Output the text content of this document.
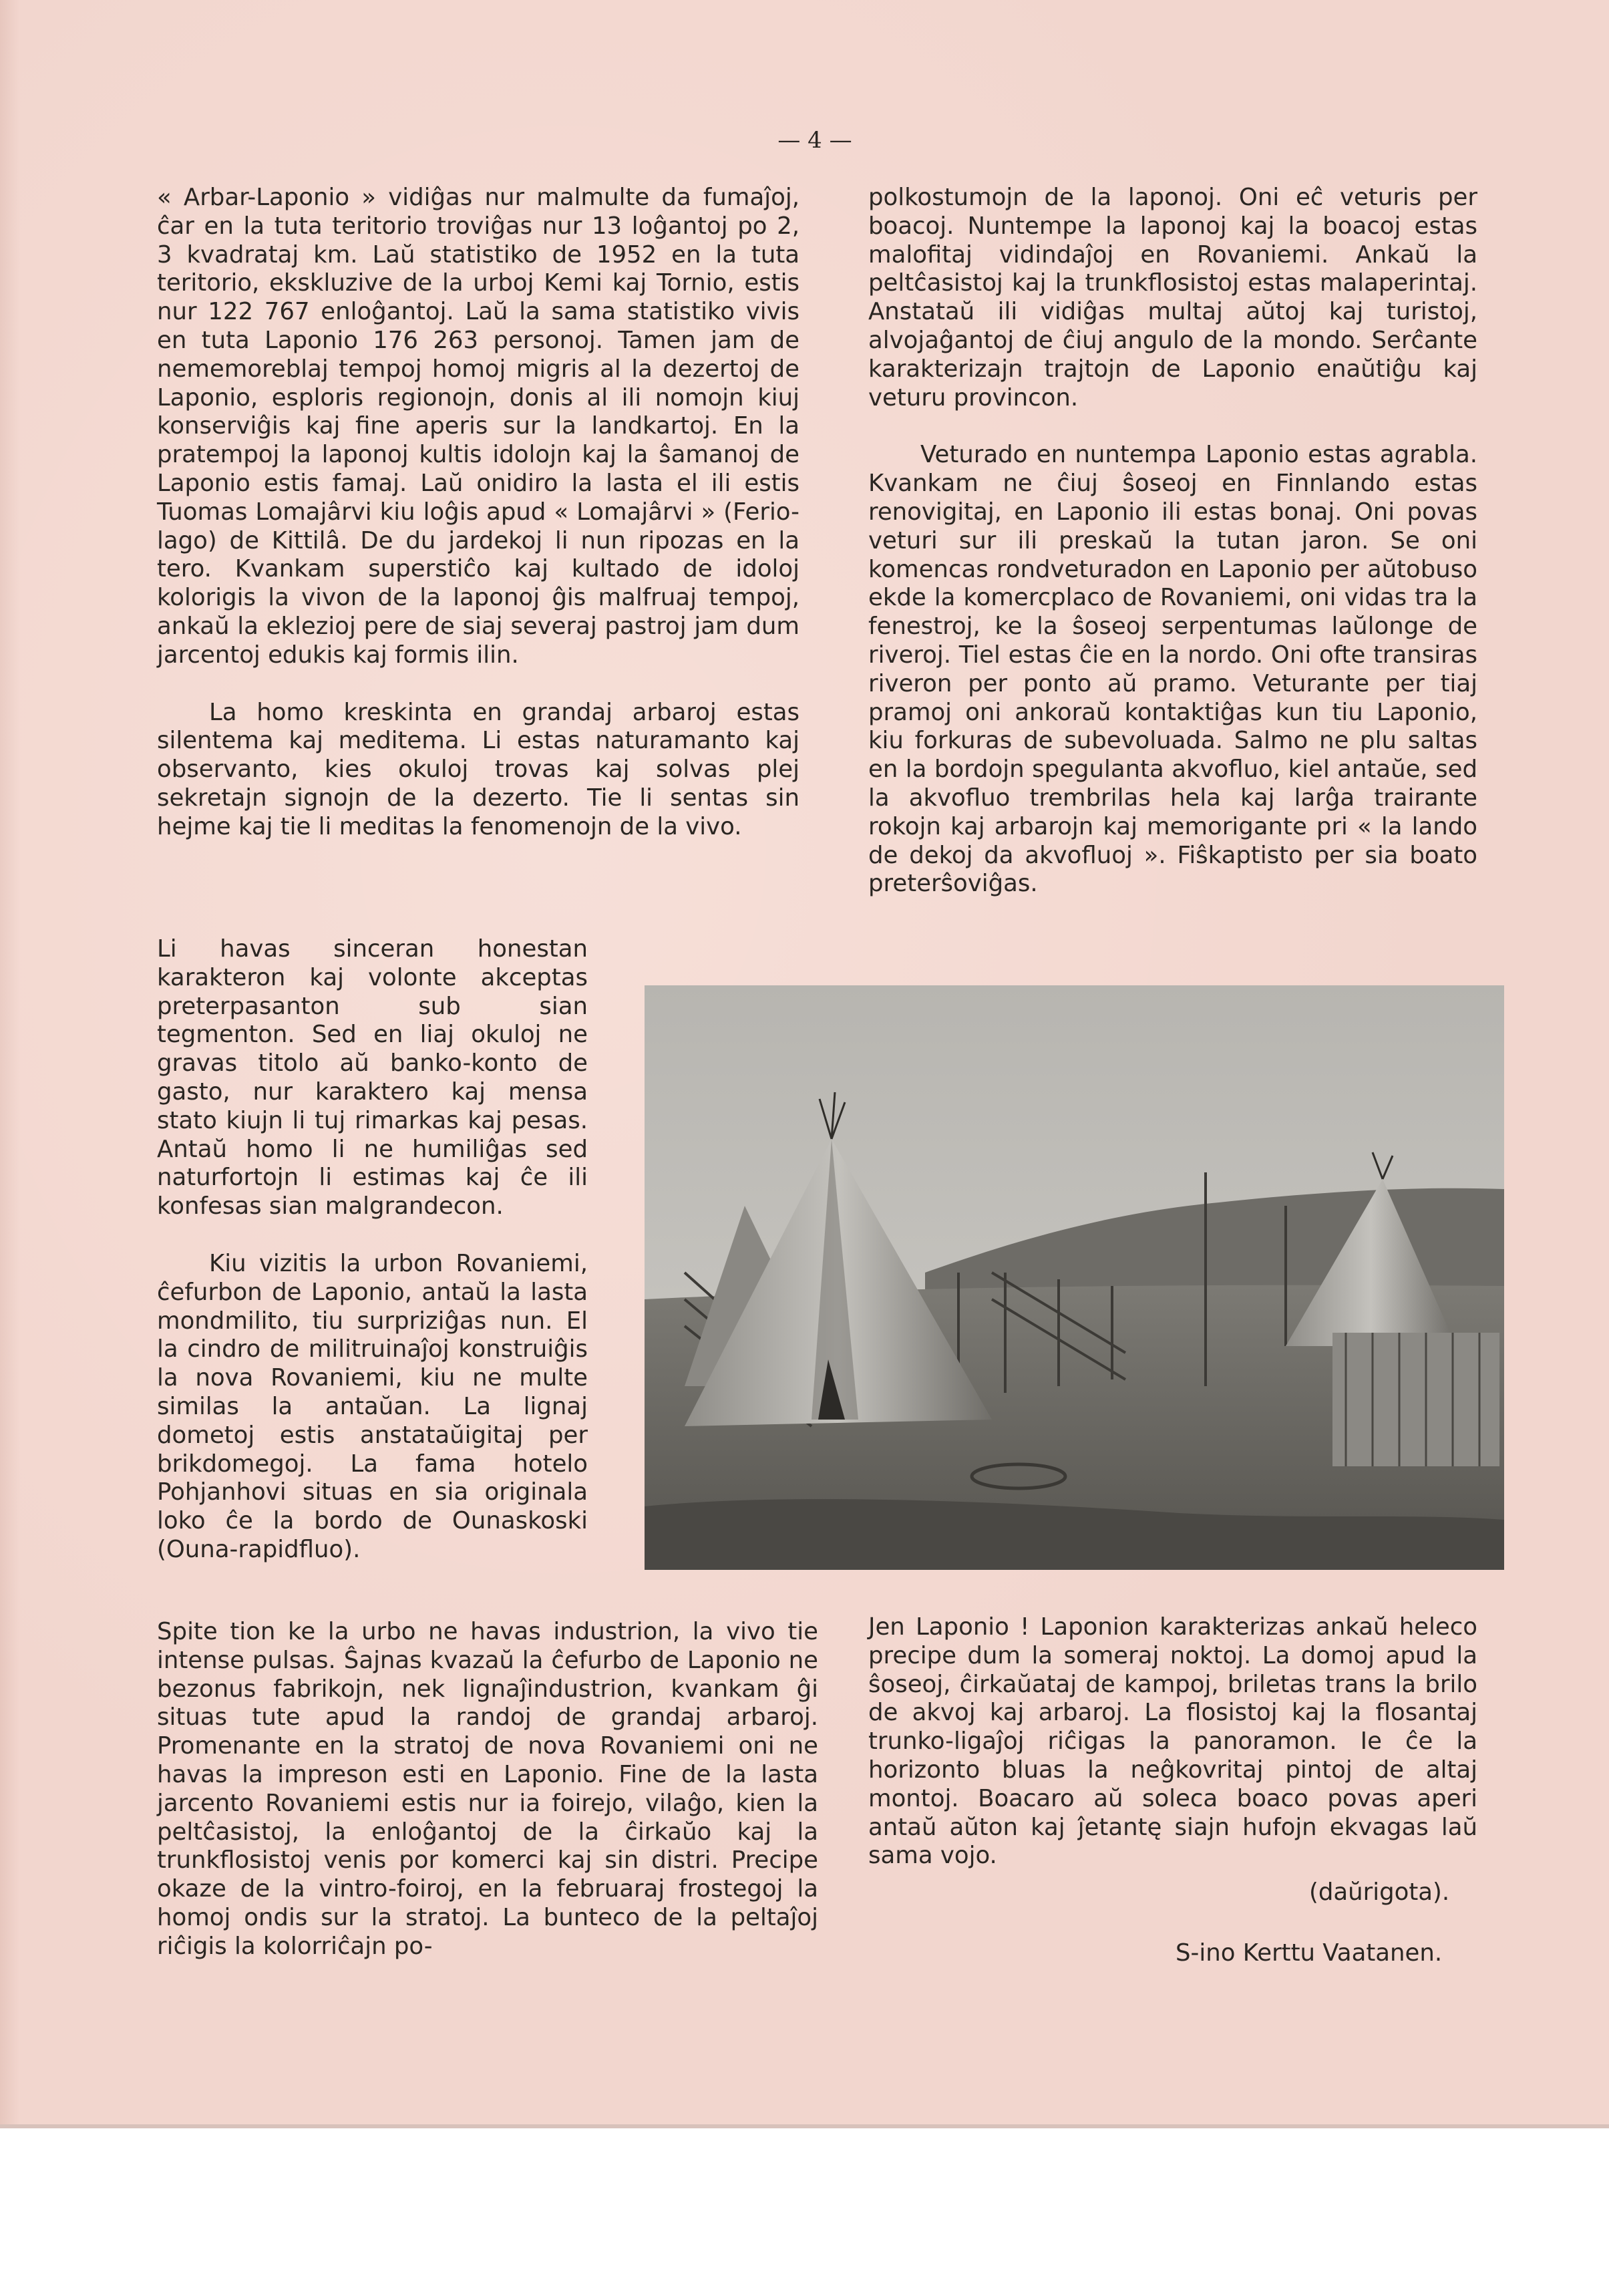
— 4 —

« Arbar-Laponio » vidiĝas nur malmulte da fumaĵoj, ĉar en la tuta teritorio troviĝas nur 13 loĝantoj po 2, 3 kvadrataj km. Laŭ statistiko de 1952 en la tuta teritorio, ekskluzive de la urboj Kemi kaj Tornio, estis nur 122 767 enloĝantoj. Laŭ la sama statistiko vivis en tuta Laponio 176 263 personoj. Tamen jam de nememoreblaj tempoj homoj migris al la dezertoj de Laponio, esploris regionojn, donis al ili nomojn kiuj konserviĝis kaj fine aperis sur la landkartoj. En la pratempoj la laponoj kultis idolojn kaj la ŝamanoj de Laponio estis famaj. Laŭ onidiro la lasta el ili estis Tuomas Lomajârvi kiu loĝis apud « Lomajârvi » (Ferio-lago) de Kittilâ. De du jardekoj li nun ripozas en la tero. Kvankam superstiĉo kaj kultado de idoloj kolorigis la vivon de la laponoj ĝis malfruaj tempoj, ankaŭ la eklezioj pere de siaj severaj pastroj jam dum jarcentoj edukis kaj formis ilin.

La homo kreskinta en grandaj arbaroj estas silentema kaj meditema. Li estas naturamanto kaj observanto, kies okuloj trovas kaj solvas plej sekretajn signojn de la dezerto. Tie li sentas sin hejme kaj tie li meditas la fenomenojn de la vivo.

Li havas sinceran honestan karakteron kaj volonte akceptas preterpasanton sub sian tegmenton. Sed en liaj okuloj ne gravas titolo aŭ banko-konto de gasto, nur karaktero kaj mensa stato kiujn li tuj rimarkas kaj pesas. Antaŭ homo li ne humiliĝas sed naturfortojn li estimas kaj ĉe ili konfesas sian malgrandecon.

Kiu vizitis la urbon Rovaniemi, ĉefurbon de Laponio, antaŭ la lasta mondmilito, tiu surpriziĝas nun. El la cindro de militruinaĵoj konstruiĝis la nova Rovaniemi, kiu ne multe similas la antaŭan. La lignaj dometoj estis anstataŭigitaj per brikdomegoj. La fama hotelo Pohjanhovi situas en sia originala loko ĉe la bordo de Ounaskoski (Ouna-rapidfluo).

Spite tion ke la urbo ne havas industrion, la vivo tie intense pulsas. Ŝajnas kvazaŭ la ĉefurbo de Laponio ne bezonus fabrikojn, nek lignaĵindustrion, kvankam ĝi situas tute apud la randoj de grandaj arbaroj. Promenante en la stratoj de nova Rovaniemi oni ne havas la impreson esti en Laponio. Fine de la lasta jarcento Rovaniemi estis nur ia foirejo, vilaĝo, kien la peltĉasistoj, la enloĝantoj de la ĉirkaŭo kaj la trunkflosistoj venis por komerci kaj sin distri. Precipe okaze de la vintro-foiroj, en la februaraj frostegoj la homoj ondis sur la stratoj. La bunteco de la peltaĵoj riĉigis la kolorriĉajn po-

polkostumojn de la laponoj. Oni eĉ veturis per boacoj. Nuntempe la laponoj kaj la boacoj estas malofitaj vidindaĵoj en Rovaniemi. Ankaŭ la peltĉasistoj kaj la trunkflosistoj estas malaperintaj. Anstataŭ ili vidiĝas multaj aŭtoj kaj turistoj, alvojaĝantoj de ĉiuj angulo de la mondo. Serĉante karakterizajn trajtojn de Laponio enaŭtiĝu kaj veturu provincon.

Veturado en nuntempa Laponio estas agrabla. Kvankam ne ĉiuj ŝoseoj en Finnlando estas renovigitaj, en Laponio ili estas bonaj. Oni povas veturi sur ili preskaŭ la tutan jaron. Se oni komencas rondveturadon en Laponio per aŭtobuso ekde la komercplaco de Rovaniemi, oni vidas tra la fenestroj, ke la ŝoseoj serpentumas laŭlonge de riveroj. Tiel estas ĉie en la nordo. Oni ofte transiras riveron per ponto aŭ pramo. Veturante per tiaj pramoj oni ankoraŭ kontaktiĝas kun tiu Laponio, kiu forkuras de subevoluada. Salmo ne plu saltas en la bordojn spegulanta akvofluo, kiel antaŭe, sed la akvofluo trembrilas hela kaj larĝa trairante rokojn kaj arbarojn kaj memorigante pri « la lando de dekoj da akvofluoj ». Fiŝkaptisto per sia boato preterŝoviĝas.

Jen Laponio ! Laponion karakterizas ankaŭ heleco precipe dum la someraj noktoj. La domoj apud la ŝoseoj, ĉirkaŭataj de kampoj, briletas trans la brilo de akvoj kaj arbaroj. La flosistoj kaj la flosantaj trunko-ligaĵoj riĉigas la panoramon. Ie ĉe la horizonto bluas la neĝkovritaj pintoj de altaj montoj. Boacaro aŭ soleca boaco povas aperi antaŭ aŭton kaj ĵetantę siajn hufojn ekvagas laŭ sama vojo.

(daŭrigota).
S-ino Kerttu Vaatanen.
